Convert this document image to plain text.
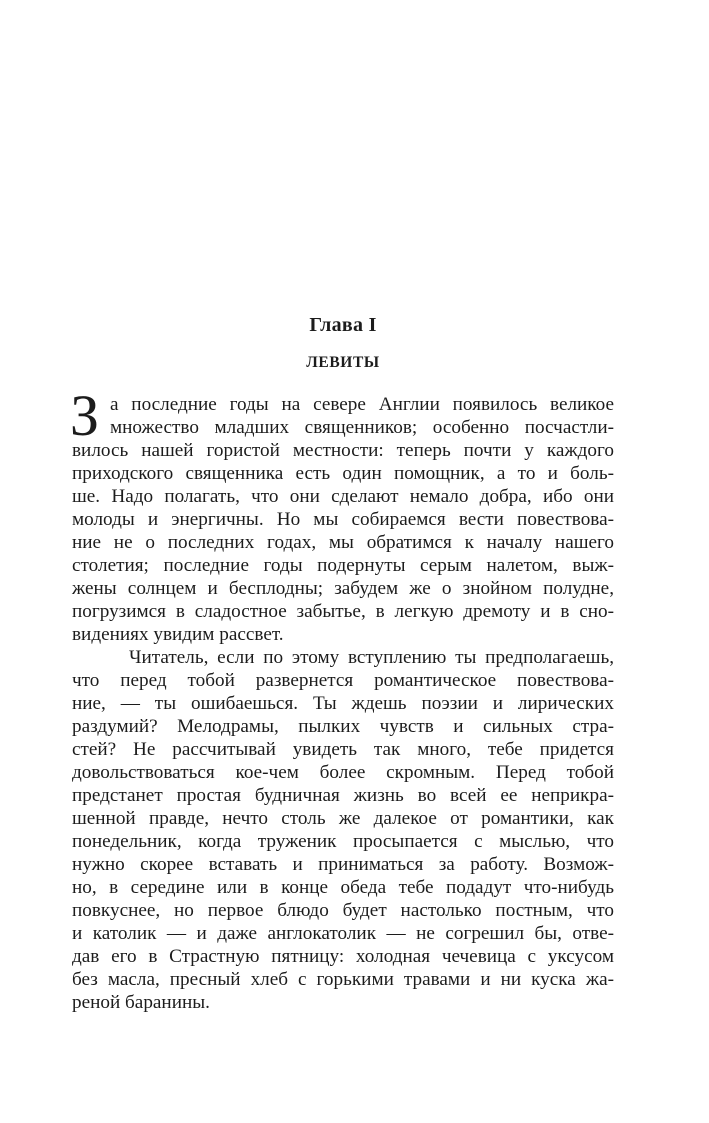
Глава I
ЛЕВИТЫ
З а последние годы на севере Англии появилось великое
множество младших священников; особенно посчастли-
вилось нашей гористой местности: теперь почти у каждого
приходского священника есть один помощник, а то и боль-
ше. Надо полагать, что они сделают немало добра, ибо они
молоды и энергичны. Но мы собираемся вести повествова-
ние не о последних годах, мы обратимся к началу нашего
столетия; последние годы подернуты серым налетом, выж-
жены солнцем и бесплодны; забудем же о знойном полудне,
погрузимся в сладостное забытье, в легкую дремоту и в сно-
видениях увидим рассвет.
Читатель, если по этому вступлению ты предполагаешь,
что перед тобой развернется романтическое повествова-
ние, — ты ошибаешься. Ты ждешь поэзии и лирических
раздумий? Мелодрамы, пылких чувств и сильных стра-
стей? Не рассчитывай увидеть так много, тебе придется
довольствоваться кое-чем более скромным. Перед тобой
предстанет простая будничная жизнь во всей ее неприкра-
шенной правде, нечто столь же далекое от романтики, как
понедельник, когда труженик просыпается с мыслью, что
нужно скорее вставать и приниматься за работу. Возмож-
но, в середине или в конце обеда тебе подадут что-нибудь
повкуснее, но первое блюдо будет настолько постным, что
и католик — и даже англокатолик — не согрешил бы, отве-
дав его в Страстную пятницу: холодная чечевица с уксусом
без масла, пресный хлеб с горькими травами и ни куска жа-
реной баранины.
